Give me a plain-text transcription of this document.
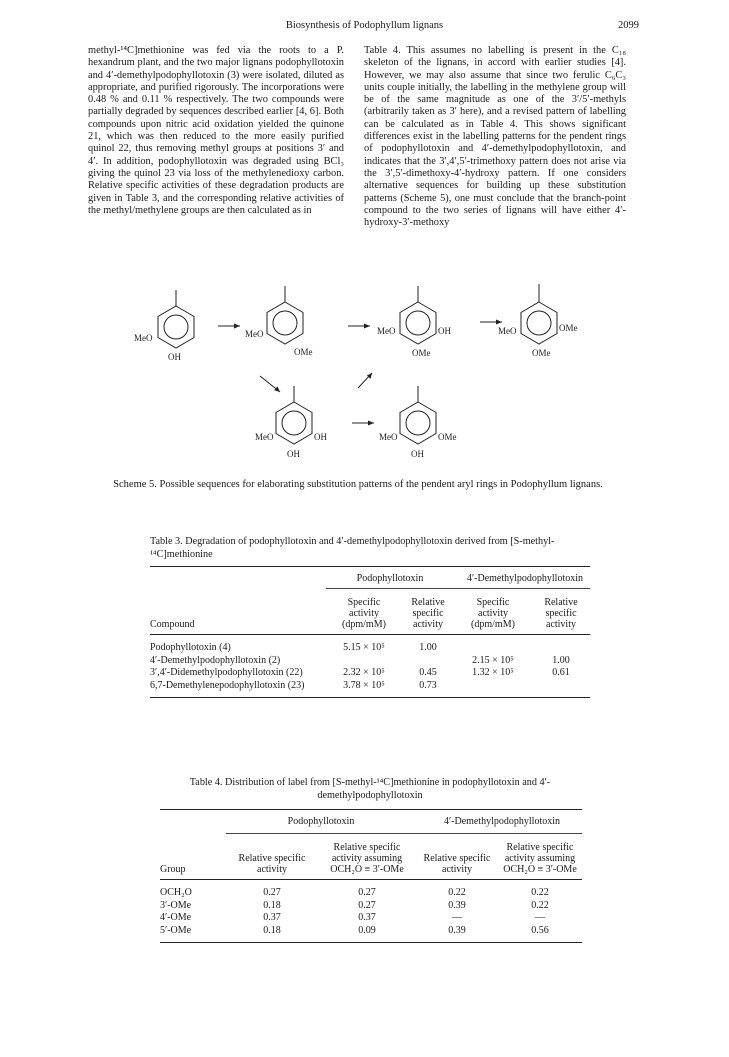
Biosynthesis of Podophyllum lignans	2099

methyl-¹⁴C]methionine was fed via the roots to a P. hexandrum plant, and the two major lignans podophyllotoxin and 4′-demethylpodophyllotoxin (3) were isolated, diluted as appropriate, and purified rigorously. The incorporations were 0.48 % and 0.11 % respectively. The two compounds were partially degraded by sequences described earlier [4, 6]. Both compounds upon nitric acid oxidation yielded the quinone 21, which was then reduced to the more easily purified quinol 22, thus removing methyl groups at positions 3′ and 4′. In addition, podophyllotoxin was degraded using BCl₃ giving the quinol 23 via loss of the methylenedioxy carbon. Relative specific activities of these degradation products are given in Table 3, and the corresponding relative activities of the methyl/methylene groups are then calculated as in

Table 4. This assumes no labelling is present in the C₁₈ skeleton of the lignans, in accord with earlier studies [4]. However, we may also assume that since two ferulic C₆C₃ units couple initially, the labelling in the methylene group will be of the same magnitude as one of the 3′/5′-methyls (arbitrarily taken as 3′ here), and a revised pattern of labelling can be calculated as in Table 4. This shows significant differences exist in the labelling patterns for the pendent rings of podophyllotoxin and 4′-demethylpodophyllotoxin, and indicates that the 3′,4′,5′-trimethoxy pattern does not arise via the 3′,5′-dimethoxy-4′-hydroxy pattern. If one considers alternative sequences for building up these substitution patterns (Scheme 5), one must conclude that the branch-point compound to the two series of lignans will have either 4′-hydroxy-3′-methoxy

MeO
OH
MeO
OMe
MeO	OH
OMe
MeO	OMe
OMe
MeO	OH
OH
MeO	OMe
OH
Scheme 5. Possible sequences for elaborating substitution patterns of the pendent aryl rings in Podophyllum lignans.
Table 3. Degradation of podophyllotoxin and 4′-demethylpodophyllotoxin derived from [S-methyl-¹⁴C]methionine

	Podophyllotoxin		4′-Demethylpodophyllotoxin	

	Specific	Relative	Specific	Relative
	activity	specific	activity	specific
Compound	(dpm/mM)	activity	(dpm/mM)	activity

Podophyllotoxin (4)	5.15 × 10⁵	1.00		
4′-Demethylpodophyllotoxin (2)			2.15 × 10⁵	1.00
3′,4′-Didemethylpodophyllotoxin (22)	2.32 × 10⁵	0.45	1.32 × 10⁵	0.61
6,7-Demethylenepodophyllotoxin (23)	3.78 × 10⁵	0.73		
Table 4. Distribution of label from [S-methyl-¹⁴C]methionine in podophyllotoxin and 4′-demethylpodophyllotoxin

	Podophyllotoxin		4′-Demethylpodophyllotoxin	

		Relative specific		Relative specific
	Relative specific	activity assuming	Relative specific	activity assuming
Group	activity	OCH₂O ≡ 3′-OMe	activity	OCH₂O ≡ 3′-OMe

OCH₂O	0.27	0.27	0.22	0.22
3′-OMe	0.18	0.27	0.39	0.22
4′-OMe	0.37	0.37	—	—
5′-OMe	0.18	0.09	0.39	0.56
